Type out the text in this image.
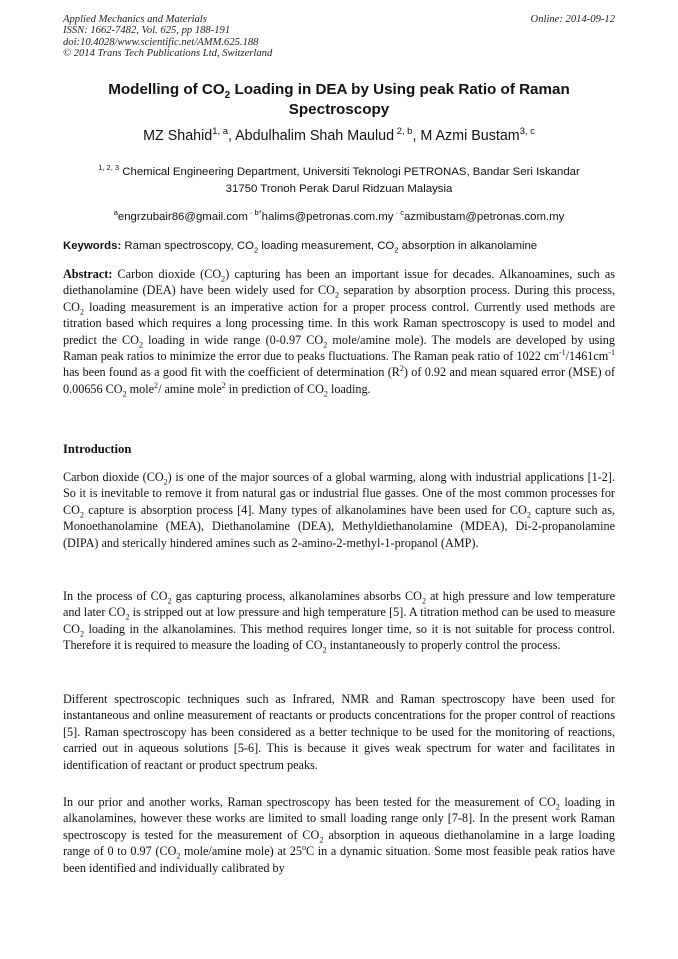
Applied Mechanics and Materials
ISSN: 1662-7482, Vol. 625, pp 188-191
doi:10.4028/www.scientific.net/AMM.625.188
© 2014 Trans Tech Publications Ltd, Switzerland
Online: 2014-09-12
Modelling of $CO_2$ Loading in DEA by Using peak Ratio of Raman Spectroscopy
MZ Shahid$^{1, a}$, Abdulhalim Shah Maulud $^{2, b}$, M Azmi Bustam$^{3, c}$
$^{1, 2, 3}$ Chemical Engineering Department, Universiti Teknologi PETRONAS, Bandar Seri Iskandar
31750 Tronoh Perak Darul Ridzuan Malaysia
$^a$engrzubair86@gmail.com · $^{b*}$halims@petronas.com.my · $^c$azmibustam@petronas.com.my
Keywords: Raman spectroscopy, $CO_2$ loading measurement, $CO_2$ absorption in alkanolamine

Abstract: Carbon dioxide $(CO_2)$ capturing has been an important issue for decades. Alkanoamines, such as diethanolamine (DEA) have been widely used for $CO_2$ separation by absorption process. During this process, $CO_2$ loading measurement is an imperative action for a proper process control. Currently used methods are titration based which requires a long processing time. In this work Raman spectroscopy is used to model and predict the $CO_2$ loading in wide range (0-0.97 $CO_2$ mole/amine mole). The models are developed by using Raman peak ratios to minimize the error due to peaks fluctuations. The Raman peak ratio of 1022 $cm^{-1}/1461cm^{-1}$ has been found as a good fit with the coefficient of determination $(R^2)$ of 0.92 and mean squared error (MSE) of 0.00656 $CO_2$ mole$^2$/ amine mole$^2$ in prediction of $CO_2$ loading.

Introduction

Carbon dioxide $(CO_2)$ is one of the major sources of a global warming, along with industrial applications [1-2]. So it is inevitable to remove it from natural gas or industrial flue gasses. One of the most common processes for $CO_2$ capture is absorption process [4]. Many types of alkanolamines have been used for $CO_2$ capture such as, Monoethanolamine (MEA), Diethanolamine (DEA), Methyldiethanolamine (MDEA), Di-2-propanolamine (DIPA) and sterically hindered amines such as 2-amino-2-methyl-1-propanol (AMP).

In the process of $CO_2$ gas capturing process, alkanolamines absorbs $CO_2$ at high pressure and low temperature and later $CO_2$ is stripped out at low pressure and high temperature [5]. A titration method can be used to measure $CO_2$ loading in the alkanolamines. This method requires longer time, so it is not suitable for process control. Therefore it is required to measure the loading of $CO_2$ instantaneously to properly control the process.

Different spectroscopic techniques such as Infrared, NMR and Raman spectroscopy have been used for instantaneous and online measurement of reactants or products concentrations for the proper control of reactions [5]. Raman spectroscopy has been considered as a better technique to be used for the monitoring of reactions, carried out in aqueous solutions [5-6]. This is because it gives weak spectrum for water and facilitates in identification of reactant or product spectrum peaks.

In our prior and another works, Raman spectroscopy has been tested for the measurement of $CO_2$ loading in alkanolamines, however these works are limited to small loading range only [7-8]. In the present work Raman spectroscopy is tested for the measurement of $CO_2$ absorption in aqueous diethanolamine in a large loading range of 0 to 0.97 ($CO_2$ mole/amine mole) at 25$^o$C in a dynamic situation. Some most feasible peak ratios have been identified and individually calibrated by
